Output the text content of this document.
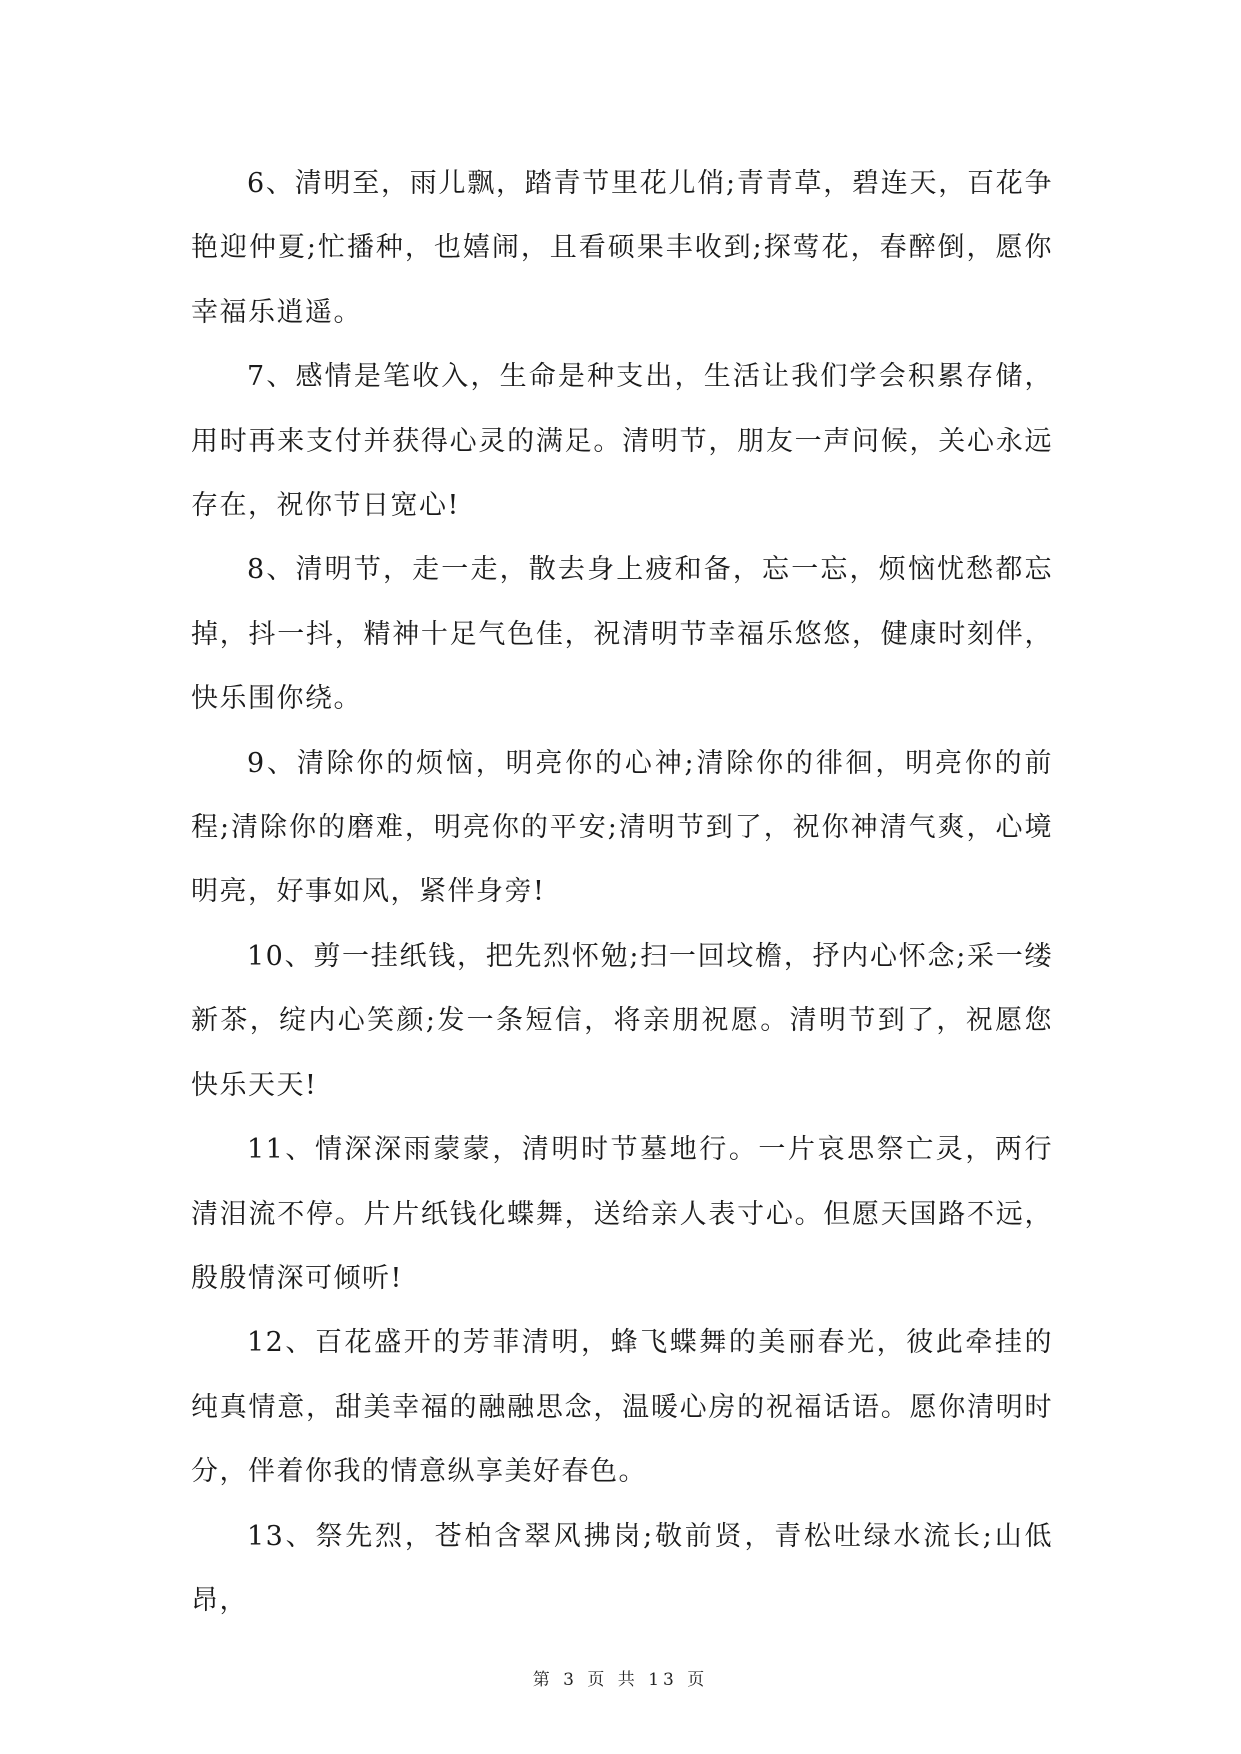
6、清明至，雨儿飘，踏青节里花儿俏;青青草，碧连天，百花争艳迎仲夏;忙播种，也嬉闹，且看硕果丰收到;探莺花，春醉倒，愿你幸福乐逍遥。

7、感情是笔收入，生命是种支出，生活让我们学会积累存储，用时再来支付并获得心灵的满足。清明节，朋友一声问候，关心永远存在，祝你节日宽心!

8、清明节，走一走，散去身上疲和备，忘一忘，烦恼忧愁都忘掉，抖一抖，精神十足气色佳，祝清明节幸福乐悠悠，健康时刻伴，快乐围你绕。

9、清除你的烦恼，明亮你的心神;清除你的徘徊，明亮你的前程;清除你的磨难，明亮你的平安;清明节到了，祝你神清气爽，心境明亮，好事如风，紧伴身旁!

10、剪一挂纸钱，把先烈怀勉;扫一回坟檐，抒内心怀念;采一缕新茶，绽内心笑颜;发一条短信，将亲朋祝愿。清明节到了，祝愿您快乐天天!

11、情深深雨蒙蒙，清明时节墓地行。一片哀思祭亡灵，两行清泪流不停。片片纸钱化蝶舞，送给亲人表寸心。但愿天国路不远，殷殷情深可倾听!

12、百花盛开的芳菲清明，蜂飞蝶舞的美丽春光，彼此牵挂的纯真情意，甜美幸福的融融思念，温暖心房的祝福话语。愿你清明时分，伴着你我的情意纵享美好春色。

13、祭先烈，苍柏含翠风拂岗;敬前贤，青松吐绿水流长;山低昂，

第 3 页 共 13 页
